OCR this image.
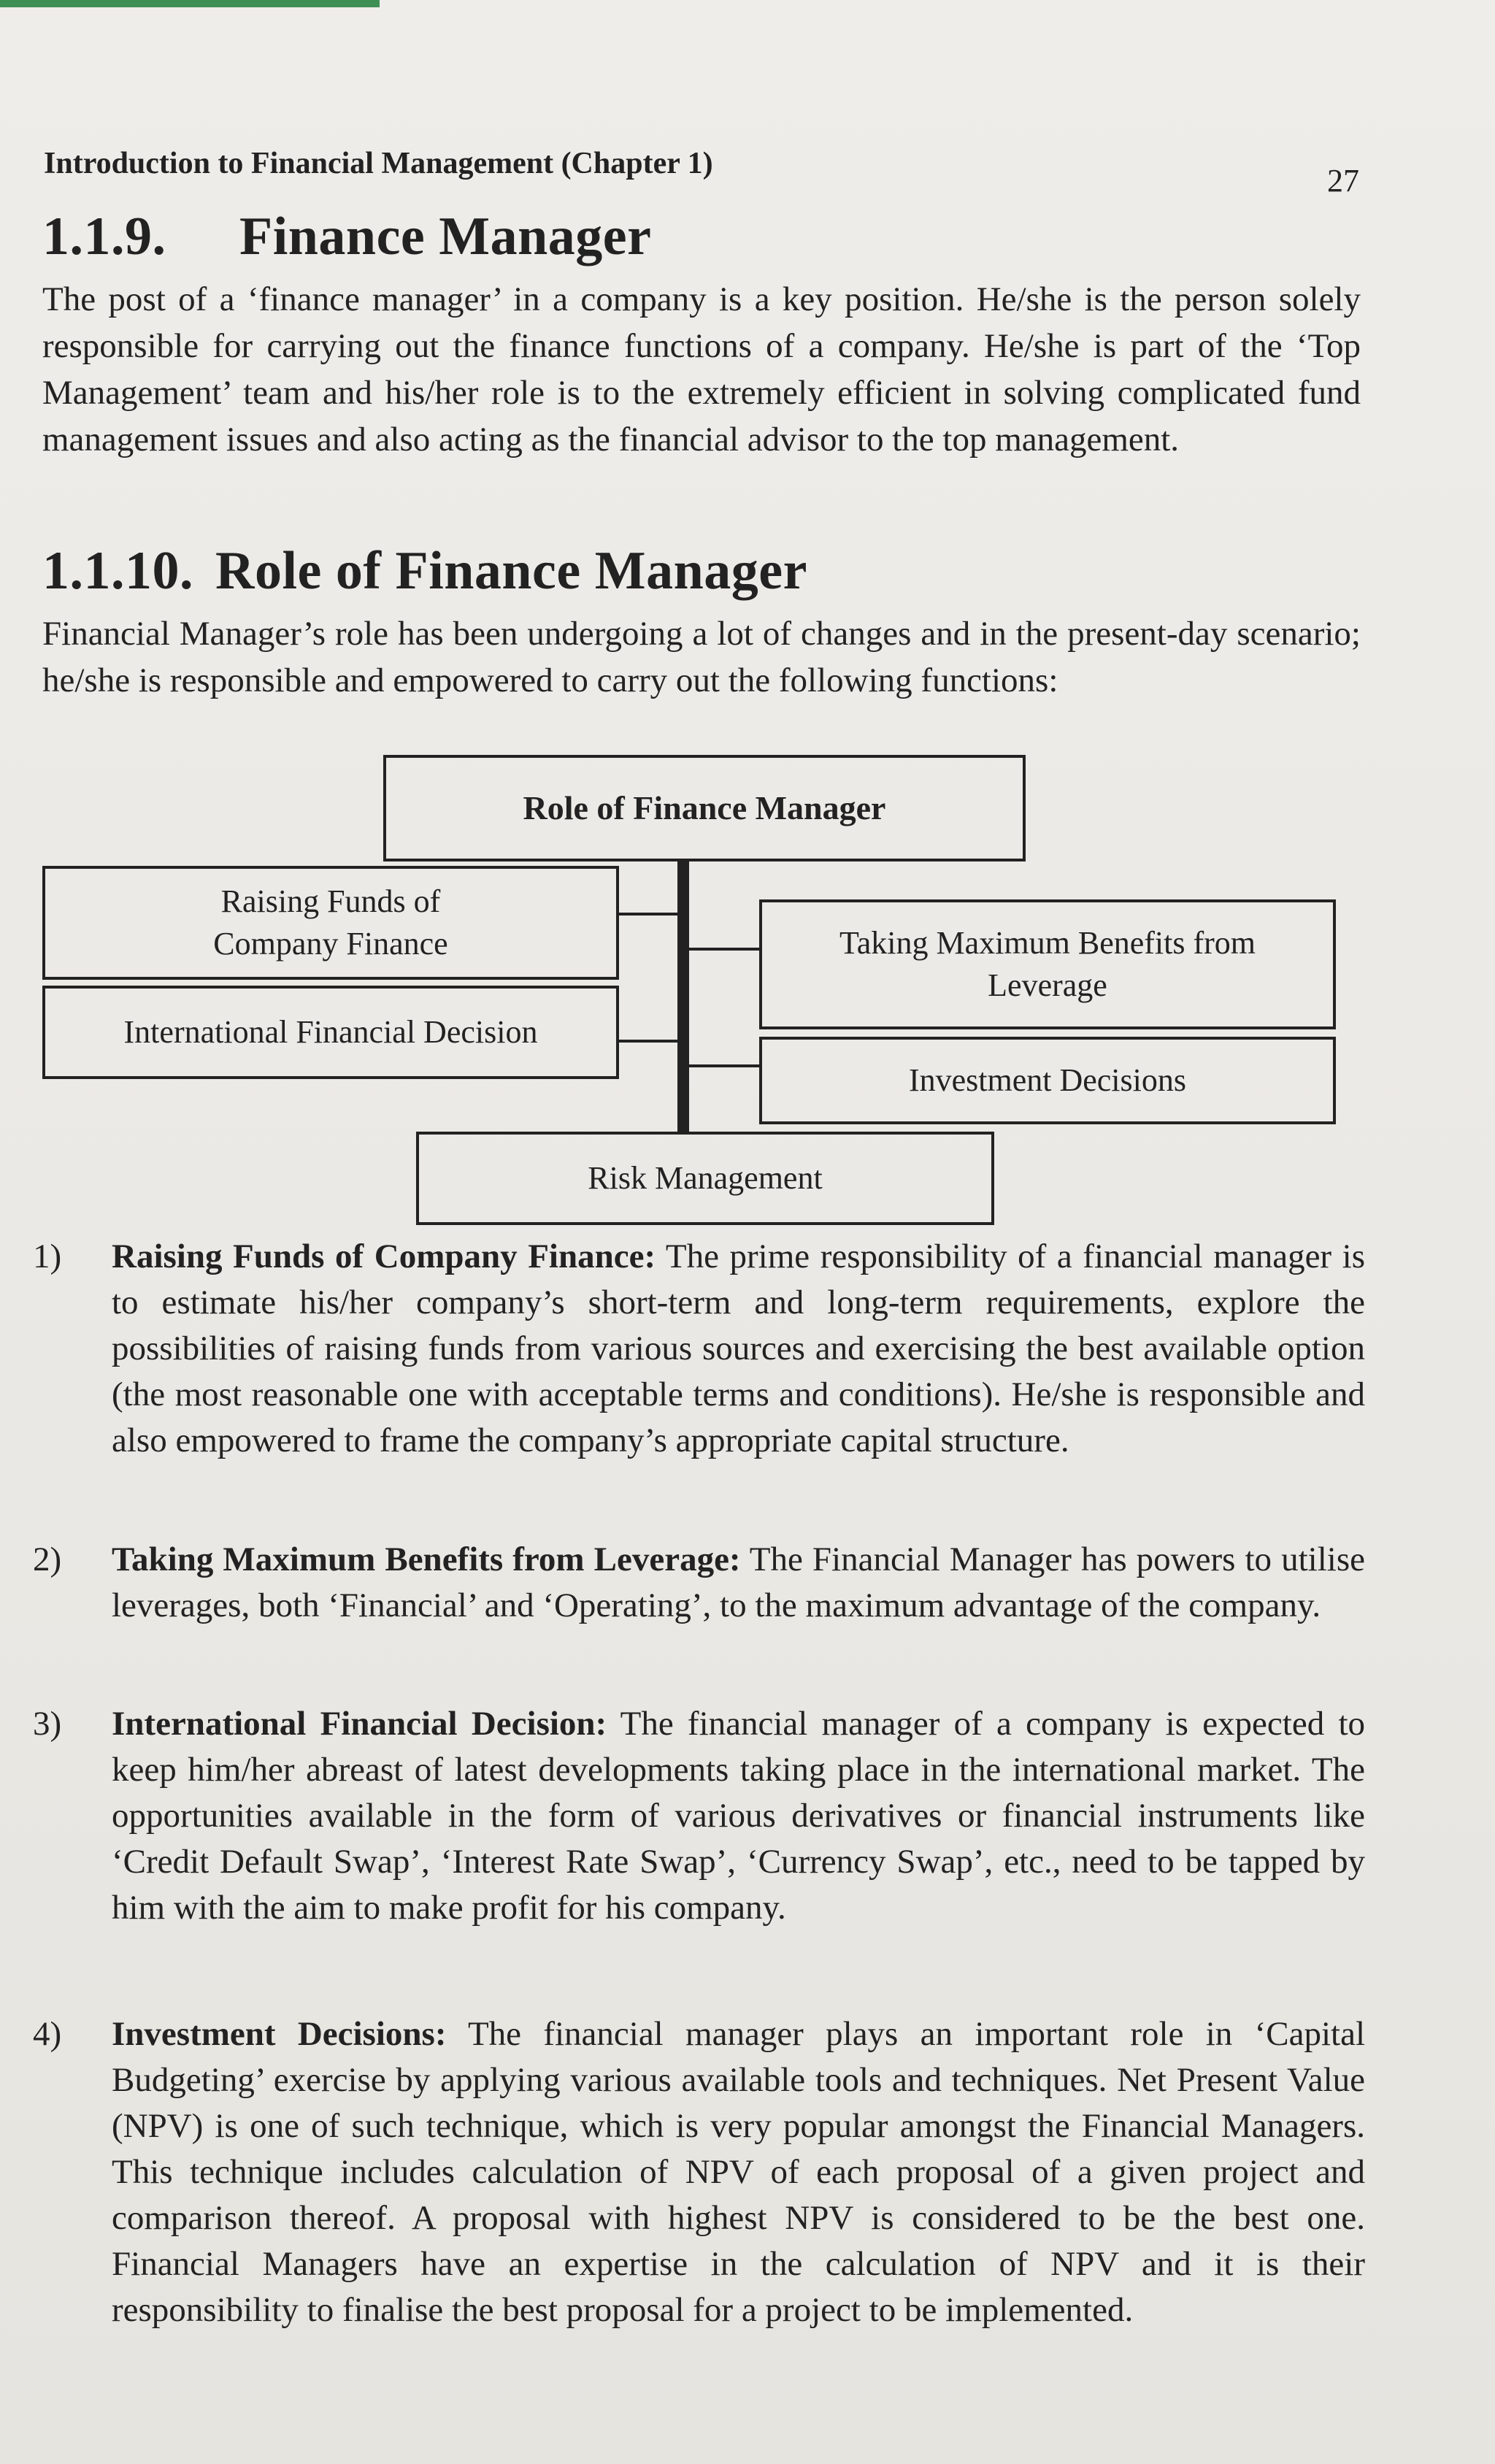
Introduction to Financial Management (Chapter 1)	27
1.1.9. Finance Manager

The post of a ‘finance manager’ in a company is a key position. He/she is the person solely responsible for carrying out the finance functions of a company. He/she is part of the ‘Top Management’ team and his/her role is to the extremely efficient in solving complicated fund management issues and also acting as the financial advisor to the top management.

1.1.10. Role of Finance Manager

Financial Manager’s role has been undergoing a lot of changes and in the present-day scenario; he/she is responsible and empowered to carry out the following functions:

Role of Finance Manager
Raising Funds of Company Finance
International Financial Decision
Taking Maximum Benefits from Leverage
Investment Decisions
Risk Management
1)	Raising Funds of Company Finance: The prime responsibility of a financial manager is to estimate his/her company’s short-term and long-term requirements, explore the possibilities of raising funds from various sources and exercising the best available option (the most reasonable one with acceptable terms and conditions). He/she is responsible and also empowered to frame the company’s appropriate capital structure.
2)	Taking Maximum Benefits from Leverage: The Financial Manager has powers to utilise leverages, both ‘Financial’ and ‘Operating’, to the maximum advantage of the company.
3)	International Financial Decision: The financial manager of a company is expected to keep him/her abreast of latest developments taking place in the international market. The opportunities available in the form of various derivatives or financial instruments like ‘Credit Default Swap’, ‘Interest Rate Swap’, ‘Currency Swap’, etc., need to be tapped by him with the aim to make profit for his company.
4)	Investment Decisions: The financial manager plays an important role in ‘Capital Budgeting’ exercise by applying various available tools and techniques. Net Present Value (NPV) is one of such technique, which is very popular amongst the Financial Managers. This technique includes calculation of NPV of each proposal of a given project and comparison thereof. A proposal with highest NPV is considered to be the best one. Financial Managers have an expertise in the calculation of NPV and it is their responsibility to finalise the best proposal for a project to be implemented.
